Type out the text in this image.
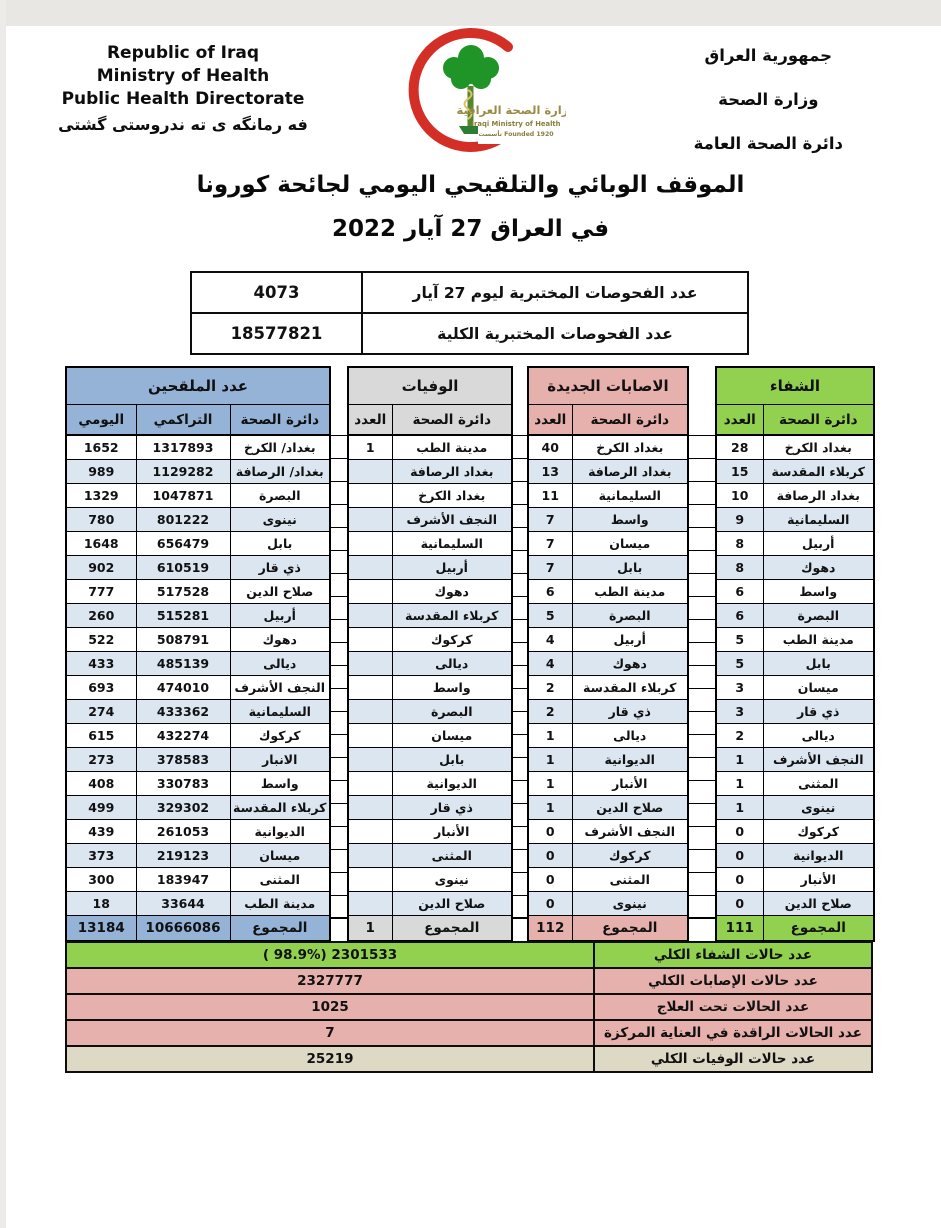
Republic of Iraq
Ministry of Health
Public Health Directorate
فه رمانگه ى ته ندروستى گشتى
وزارة الصحة العراقية
Iraqi Ministry of Health
تأسست Founded 1920
جمهورية العراق
وزارة الصحة
دائرة الصحة العامة
الموقف الوبائي والتلقيحي اليومي لجائحة كورونا
في العراق 27 آيار 2022
عدد الفحوصات المختبرية ليوم 27 آيار	4073
عدد الفحوصات المختبرية الكلية	18577821
عدد الملقحين		
دائرة الصحة	التراكمي	اليومي
بغداد/ الكرخ	1317893	1652
بغداد/ الرصافة	1129282	989
البصرة	1047871	1329
نينوى	801222	780
بابل	656479	1648
ذي قار	610519	902
صلاح الدين	517528	777
أربيل	515281	260
دهوك	508791	522
ديالى	485139	433
النجف الأشرف	474010	693
السليمانية	433362	274
كركوك	432274	615
الانبار	378583	273
واسط	330783	408
كربلاء المقدسة	329302	499
الديوانية	261053	439
ميسان	219123	373
المثنى	183947	300
مدينة الطب	33644	18
المجموع	10666086	13184
الوفيات	
دائرة الصحة	العدد
مدينة الطب	1
بغداد الرصافة	
بغداد الكرخ	
النجف الأشرف	
السليمانية	
أربيل	
دهوك	
كربلاء المقدسة	
كركوك	
ديالى	
واسط	
البصرة	
ميسان	
بابل	
الديوانية	
ذي قار	
الأنبار	
المثنى	
نينوى	
صلاح الدين	
المجموع	1
الاصابات الجديدة	
دائرة الصحة	العدد
بغداد الكرخ	40
بغداد الرصافة	13
السليمانية	11
واسط	7
ميسان	7
بابل	7
مدينة الطب	6
البصرة	5
أربيل	4
دهوك	4
كربلاء المقدسة	2
ذي قار	2
ديالى	1
الديوانية	1
الأنبار	1
صلاح الدين	1
النجف الأشرف	0
كركوك	0
المثنى	0
نينوى	0
المجموع	112
الشفاء	
دائرة الصحة	العدد
بغداد الكرخ	28
كربلاء المقدسة	15
بغداد الرصافة	10
السليمانية	9
أربيل	8
دهوك	8
واسط	6
البصرة	6
مدينة الطب	5
بابل	5
ميسان	3
ذي قار	3
ديالى	2
النجف الأشرف	1
المثنى	1
نينوى	1
كركوك	0
الديوانية	0
الأنبار	0
صلاح الدين	0
المجموع	111
عدد حالات الشفاء الكلي	( 98.9%) 2301533
عدد حالات الإصابات الكلي	2327777
عدد الحالات تحت العلاج	1025
عدد الحالات الراقدة في العناية المركزة	7
عدد حالات الوفيات الكلي	25219
